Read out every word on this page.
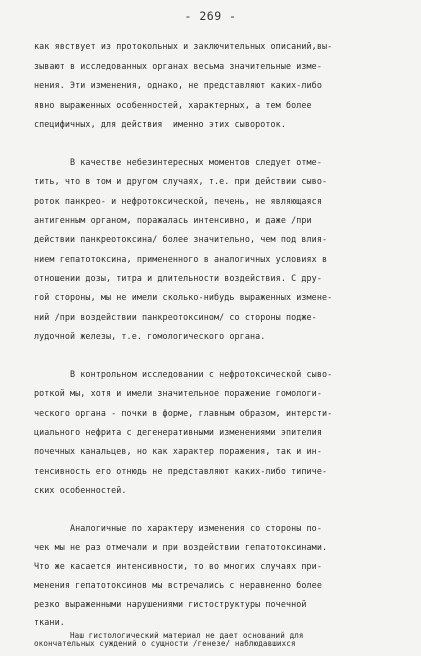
- 269 -
как явствует из протокольных и заключительных описаний,вы-
зывают в исследованных органах весьма значительные изме-
нения. Эти изменения, однако, не представляют каких-либо
явно выраженных особенностей, характерных, а тем более
специфичных, для действия  именно этих сывороток.
В качестве небезинтересных моментов следует отме-
тить, что в том и другом случаях, т.е. при действии сыво-
роток панкрео- и нефротоксической, печень, не являющаяся
антигенным органом, поражалась интенсивно, и даже /при
действии панкреотоксина/ более значительно, чем под влия-
нием гепатотоксина, примененного в аналогичных условиях в
отношении дозы, титра и длительности воздействия. С дру-
гой стороны, мы не имели сколько-нибудь выраженных измене-
ний /при воздействии панкреотоксином/ со стороны подже-
лудочной железы, т.е. гомологического органа.
В контрольном исследовании с нефротоксической сыво-
роткой мы, хотя и имели значительное поражение гомологи-
ческого органа - почки в форме, главным образом, интерсти-
циального нефрита с дегенеративными изменениями эпителия
почечных канальцев, но как характер поражения, так и ин-
тенсивность его отнюдь не представляют каких-либо типиче-
ских особенностей.
Аналогичные по характеру изменения со стороны по-
чек мы не раз отмечали и при воздействии гепатотоксинами.
Что же касается интенсивности, то во многих случаях при-
менения гепатотоксинов мы встречались с неравненно более
резко выраженными нарушениями гистоструктуры почечной
ткани.
Наш гистологический материал не дает оснований для
окончательных суждений о сущности /генезе/ наблюдавшихся
